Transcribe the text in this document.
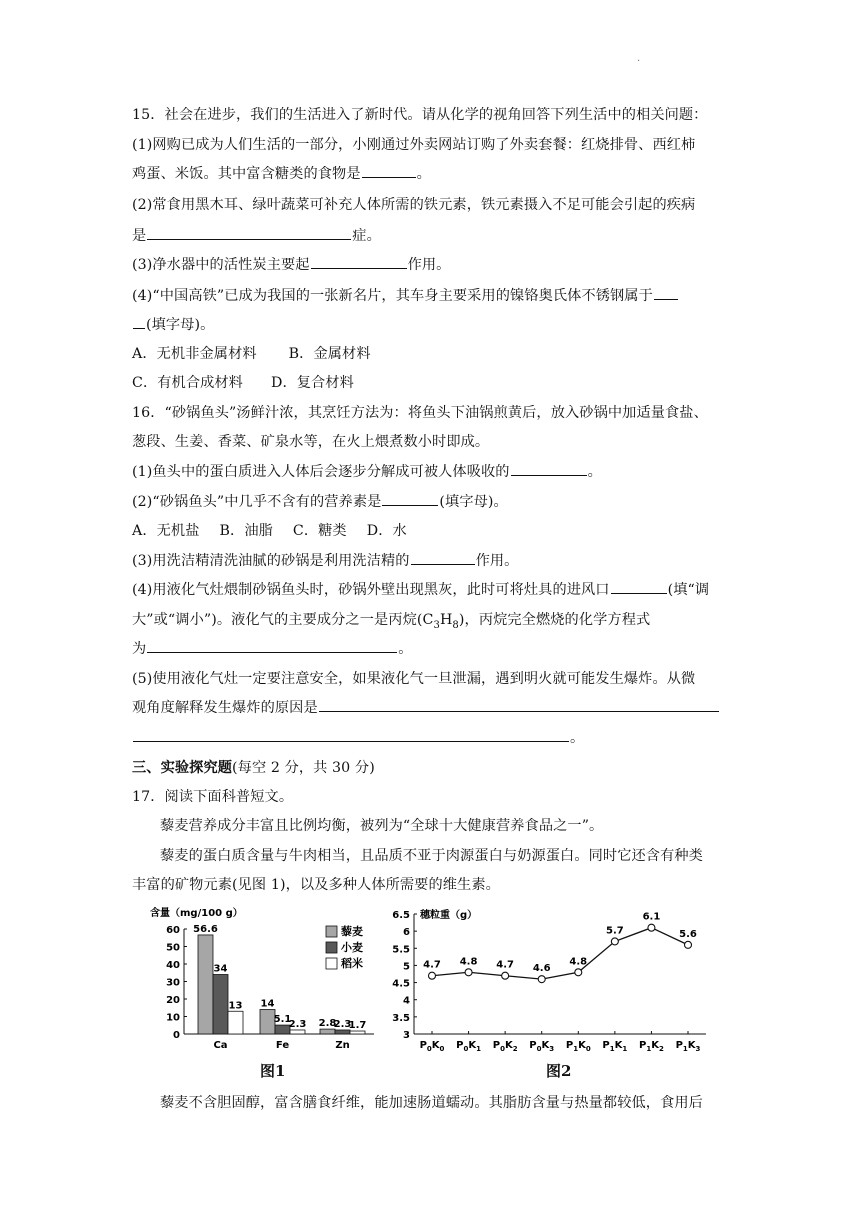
·
15．社会在进步，我们的生活进入了新时代。请从化学的视角回答下列生活中的相关问题：
(1)网购已成为人们生活的一部分，小刚通过外卖网站订购了外卖套餐：红烧排骨、西红柿
鸡蛋、米饭。其中富含糖类的食物是	。
(2)常食用黑木耳、绿叶蔬菜可补充人体所需的铁元素，铁元素摄入不足可能会引起的疾病
是	症。
(3)净水器中的活性炭主要起	作用。
(4)“中国高铁”已成为我国的一张新名片，其车身主要采用的镍铬奥氏体不锈钢属于
(填字母)。
A．无机非金属材料 B．金属材料
C．有机合成材料 D．复合材料
16．“砂锅鱼头”汤鲜汁浓，其烹饪方法为：将鱼头下油锅煎黄后，放入砂锅中加适量食盐、
葱段、生姜、香菜、矿泉水等，在火上煨煮数小时即成。
(1)鱼头中的蛋白质进入人体后会逐步分解成可被人体吸收的	。
(2)“砂锅鱼头”中几乎不含有的营养素是	(填字母)。
A．无机盐 B．油脂 C．糖类 D．水
(3)用洗洁精清洗油腻的砂锅是利用洗洁精的	作用。
(4)用液化气灶煨制砂锅鱼头时，砂锅外壁出现黑灰，此时可将灶具的进风口	(填“调
大”或“调小”)。液化气的主要成分之一是丙烷$(C_3H_8)$，丙烷完全燃烧的化学方程式
为	。
(5)使用液化气灶一定要注意安全，如果液化气一旦泄漏，遇到明火就可能发生爆炸。从微
观角度解释发生爆炸的原因是
。
三、实验探究题(每空 2 分，共 30 分)
17．阅读下面科普短文。
藜麦营养成分丰富且比例均衡，被列为“全球十大健康营养食品之一”。
藜麦的蛋白质含量与牛肉相当，且品质不亚于肉源蛋白与奶源蛋白。同时它还含有种类
丰富的矿物元素(见图 1)，以及多种人体所需要的维生素。
含量（mg/100 g）
0
10
20
30
40
50
60 56.6
34
13
Ca
14
5.1
2.3
Fe
2.8
2.3
1.7
Zn
藜麦
小麦
稻米
图1
穗粒重（g）
3
3.5
4
4.5
5
5.5
6
6.5
4.7 4.8 4.7 4.6
4.8
5.7
6.1
5.6
$P_0K_0$ $P_0K_1$ $P_0K_2$ $P_0K_3$ $P_1K_0$ $P_1K_1$ $P_1K_2$ $P_1K_3$
图2
藜麦不含胆固醇，富含膳食纤维，能加速肠道蠕动。其脂肪含量与热量都较低，食用后
